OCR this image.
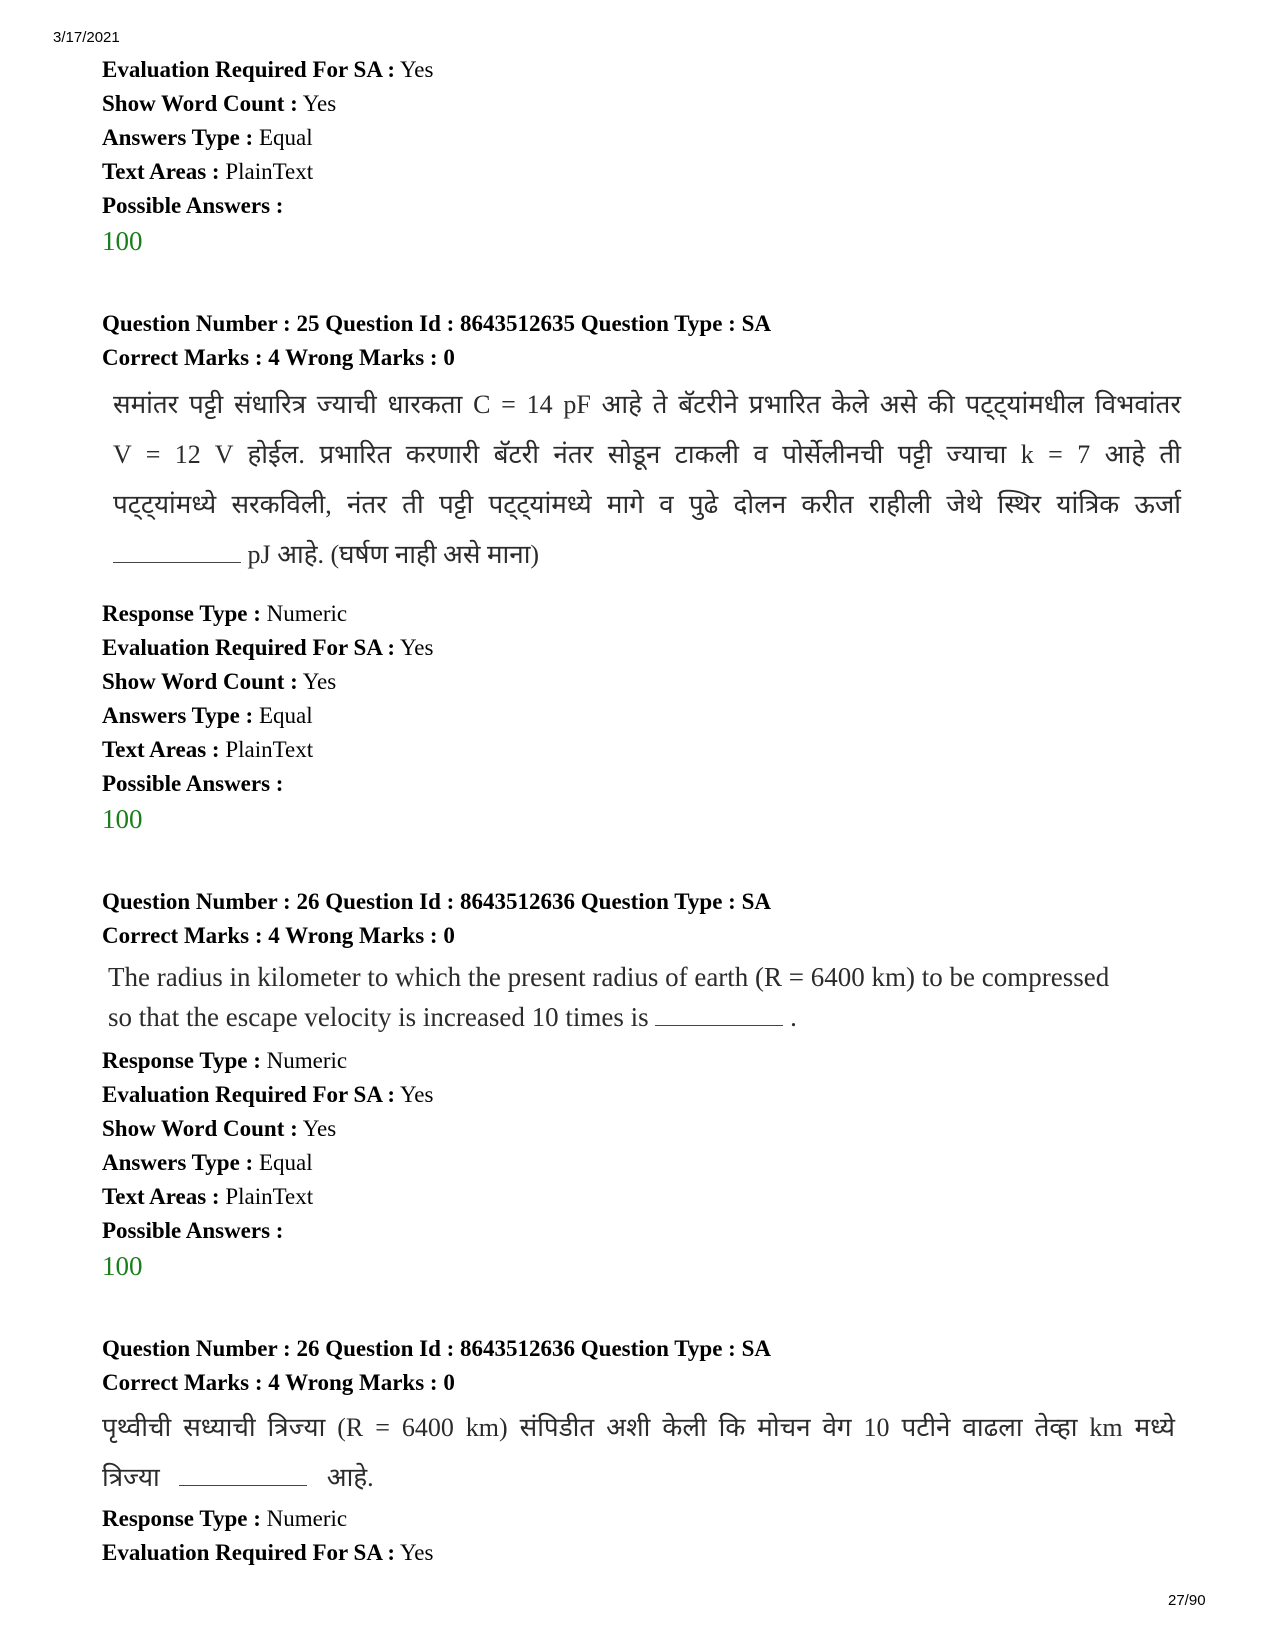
3/17/2021
Evaluation Required For SA : Yes
Show Word Count : Yes
Answers Type : Equal
Text Areas : PlainText
Possible Answers :
100
Question Number : 25 Question Id : 8643512635 Question Type : SA
Correct Marks : 4 Wrong Marks : 0
समांतर पट्टी संधारित्र ज्याची धारकता C = 14 pF आहे ते बॅटरीने प्रभारित केले असे की पट्ट्यांमधील विभवांतर
V = 12 V होईल. प्रभारित करणारी बॅटरी नंतर सोडून टाकली व पोर्सेलीनची पट्टी ज्याचा k = 7 आहे ती
पट्ट्यांमध्ये सरकविली, नंतर ती पट्टी पट्ट्यांमध्ये मागे व पुढे दोलन करीत राहीली जेथे स्थिर यांत्रिक ऊर्जा
pJ आहे. (घर्षण नाही असे माना)
Response Type : Numeric
Evaluation Required For SA : Yes
Show Word Count : Yes
Answers Type : Equal
Text Areas : PlainText
Possible Answers :
100
Question Number : 26 Question Id : 8643512636 Question Type : SA
Correct Marks : 4 Wrong Marks : 0
The radius in kilometer to which the present radius of earth (R = 6400 km) to be compressed
so that the escape velocity is increased 10 times is	.
Response Type : Numeric
Evaluation Required For SA : Yes
Show Word Count : Yes
Answers Type : Equal
Text Areas : PlainText
Possible Answers :
100
Question Number : 26 Question Id : 8643512636 Question Type : SA
Correct Marks : 4 Wrong Marks : 0
पृथ्वीची सध्याची त्रिज्या (R = 6400 km) संपिडीत अशी केली कि मोचन वेग 10 पटीने वाढला तेव्हा km मध्ये
त्रिज्या	आहे.
Response Type : Numeric
Evaluation Required For SA : Yes
27/90
